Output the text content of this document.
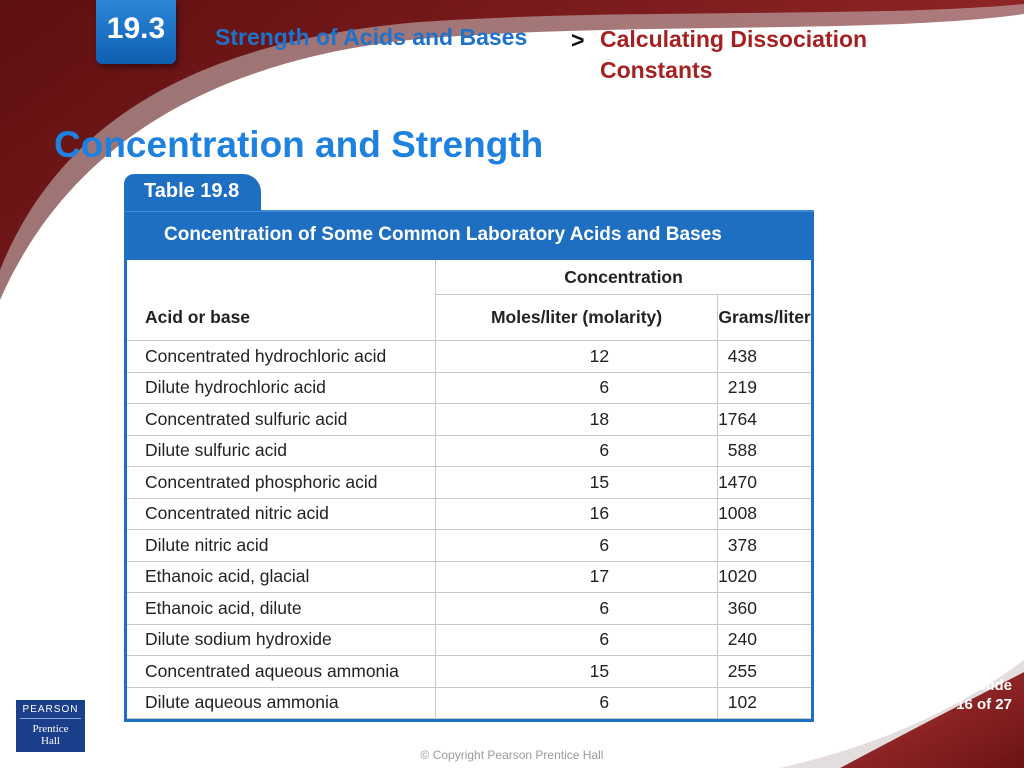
19.3 Strength of Acids and Bases > Calculating Dissociation Constants
Concentration and Strength
Table 19.8
Concentration of Some Common Laboratory Acids and Bases
Acid or base	Concentration	
	Moles/liter (molarity)	Grams/liter
Concentrated hydrochloric acid	12	438
Dilute hydrochloric acid	6	219
Concentrated sulfuric acid	18	1764
Dilute sulfuric acid	6	588
Concentrated phosphoric acid	15	1470
Concentrated nitric acid	16	1008
Dilute nitric acid	6	378
Ethanoic acid, glacial	17	1020
Ethanoic acid, dilute	6	360
Dilute sodium hydroxide	6	240
Concentrated aqueous ammonia	15	255
Dilute aqueous ammonia	6	102
PEARSON
Prentice
Hall
© Copyright Pearson Prentice Hall
Slide
16 of 27
